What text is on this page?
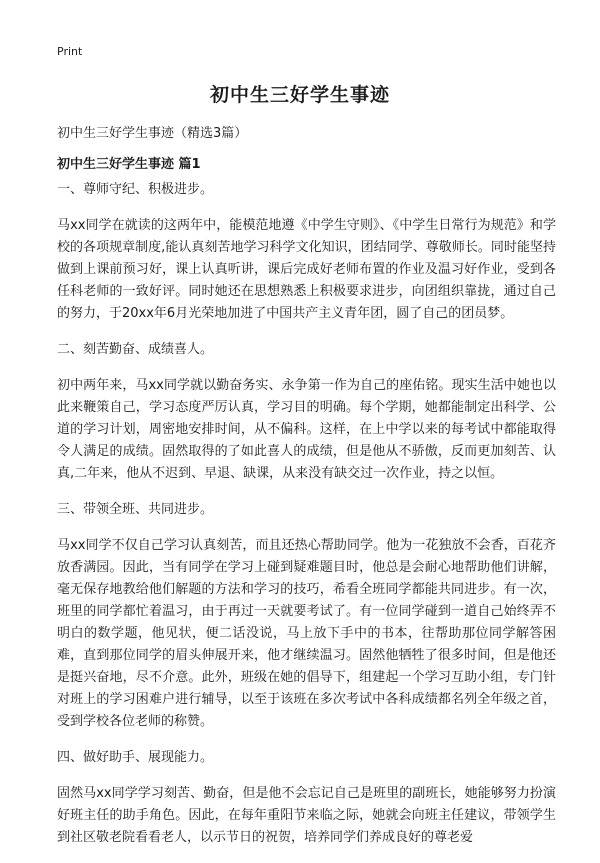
Print
初中生三好学生事迹
初中生三好学生事迹（精选3篇）
初中生三好学生事迹 篇1
一、尊师守纪、积极进步。
马xx同学在就读的这两年中，能模范地遵《中学生守则》、《中学生日常行为规范》和学校的各项规章制度,能认真刻苦地学习科学文化知识，团结同学、尊敬师长。同时能坚持做到上课前预习好，课上认真听讲，课后完成好老师布置的作业及温习好作业，受到各任科老师的一致好评。同时她还在思想熟悉上积极要求进步，向团组织靠拢，通过自己的努力，于20xx年6月光荣地加进了中国共产主义青年团，圆了自己的团员梦。
二、刻苦勤奋、成绩喜人。
初中两年来，马xx同学就以勤奋务实、永争第一作为自己的座佑铭。现实生活中她也以此来鞭策自己，学习态度严厉认真，学习目的明确。每个学期，她都能制定出科学、公道的学习计划，周密地安排时间，从不偏科。这样，在上中学以来的每考试中都能取得令人满足的成绩。固然取得的了如此喜人的成绩，但是他从不骄傲，反而更加刻苦、认真,二年来，他从不迟到、早退、缺课，从来没有缺交过一次作业，持之以恒。
三、带领全班、共同进步。
马xx同学不仅自己学习认真刻苦，而且还热心帮助同学。他为一花独放不会香，百花齐放香满园。因此，当有同学在学习上碰到疑难题目时，他总是会耐心地帮助他们讲解，毫无保存地教给他们解题的方法和学习的技巧，希看全班同学都能共同进步。有一次，班里的同学都忙着温习，由于再过一天就要考试了。有一位同学碰到一道自己始终弄不明白的数学题，他见状，便二话没说，马上放下手中的书本，往帮助那位同学解答困难，直到那位同学的眉头伸展开来，他才继续温习。固然他牺牲了很多时间，但是他还是挺兴奋地，尽不介意。此外，班级在她的倡导下，组建起一个学习互助小组，专门针对班上的学习困难户进行辅导，以至于该班在多次考试中各科成绩都名列全年级之首，受到学校各位老师的称赞。
四、做好助手、展现能力。
固然马xx同学学习刻苦、勤奋，但是他不会忘记自己是班里的副班长，她能够努力扮演好班主任的助手角色。因此，在每年重阳节来临之际，她就会向班主任建议，带领学生到社区敬老院看看老人，以示节日的祝贺，培养同学们养成良好的尊老爱
